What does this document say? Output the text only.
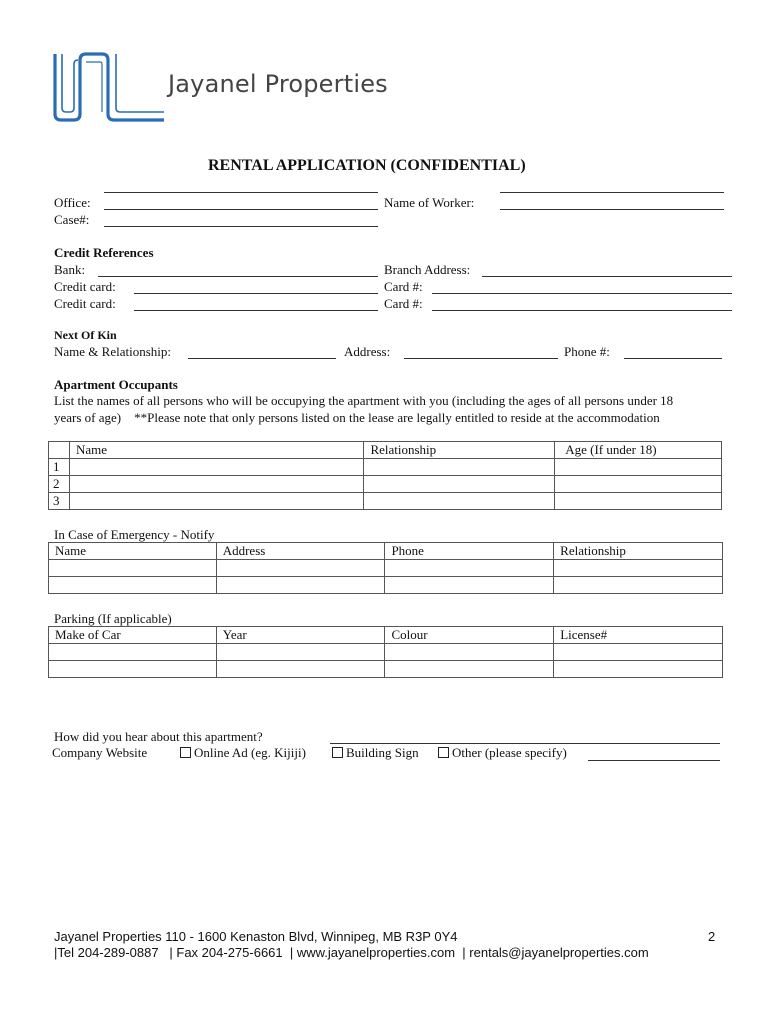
Jayanel Properties
RENTAL APPLICATION (CONFIDENTIAL)
Office:	Name of Worker:
Case#:
Credit References
Bank:	Branch Address:
Credit card:	Card #:
Credit card:	Card #:
Next Of Kin
Name & Relationship:	Address:	Phone #:
Apartment Occupants
List the names of all persons who will be occupying the apartment with you (including the ages of all persons under 18
years of age)    **Please note that only persons listed on the lease are legally entitled to reside at the accommodation
	Name	Relationship	Age (If under 18)
1			
2			
3			
In Case of Emergency - Notify
Name	Address	Phone	Relationship

Parking (If applicable)
Make of Car	Year	Colour	License#

How did you hear about this apartment?
Company Website	Online Ad (eg. Kijiji)	Building Sign	Other (please specify)
Jayanel Properties 110 - 1600 Kenaston Blvd, Winnipeg, MB R3P 0Y4
|Tel 204-289-0887   | Fax 204-275-6661  | www.jayanelproperties.com  | rentals@jayanelproperties.com
2
